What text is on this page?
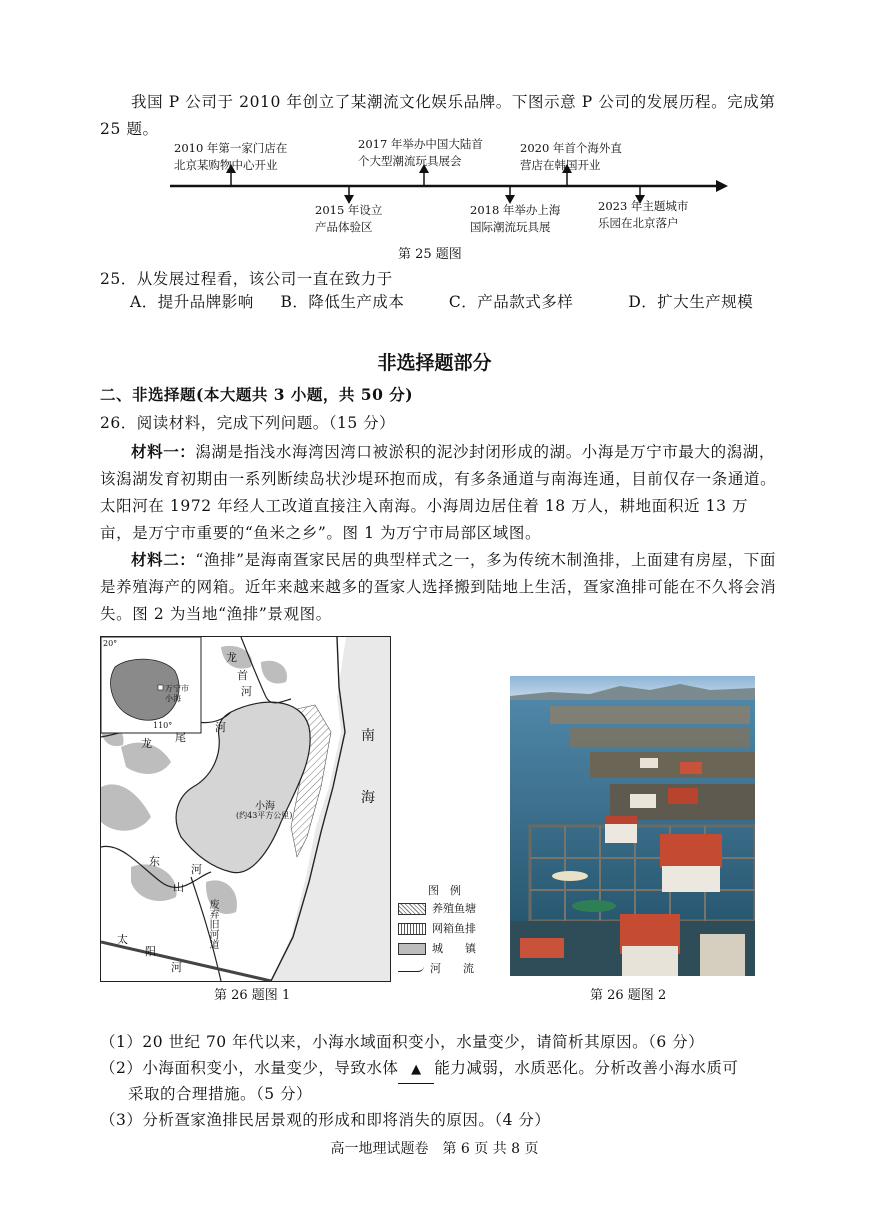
我国 P 公司于 2010 年创立了某潮流文化娱乐品牌。下图示意 P 公司的发展历程。完成第 25 题。

2010 年第一家门店在
北京某购物中心开业
2017 年举办中国大陆首
个大型潮流玩具展会
2020 年首个海外直
营店在韩国开业
2015 年设立
产品体验区
2018 年举办上海
国际潮流玩具展
2023 年主题城市
乐园在北京落户
第 25 题图
25．从发展过程看，该公司一直在致力于
A．提升品牌影响 B．降低生产成本	C．产品款式多样	D．扩大生产规模
非选择题部分
二、非选择题(本大题共 3 小题，共 50 分)
26．阅读材料，完成下列问题。（15 分）

材料一：潟湖是指浅水海湾因湾口被淤积的泥沙封闭形成的湖。小海是万宁市最大的潟湖，该潟湖发育初期由一系列断续岛状沙堤环抱而成，有多条通道与南海连通，目前仅存一条通道。太阳河在 1972 年经人工改道直接注入南海。小海周边居住着 18 万人，耕地面积近 13 万亩，是万宁市重要的“鱼米之乡”。图 1 为万宁市局部区域图。

材料二：“渔排”是海南疍家民居的典型样式之一，多为传统木制渔排，上面建有房屋，下面是养殖海产的网箱。近年来越来越多的疍家人选择搬到陆地上生活，疍家渔排可能在不久将会消失。图 2 为当地“渔排”景观图。

20°
110°
万宁市
小海
小海
(约43平方公里)
南
海
龙
首
河
龙 尾
河
东
山
河
太
阳
河
废弃旧河道
图　例
养殖鱼塘
网箱鱼排
城　　镇
河　　流
第 26 题图 1	第 26 题图 2
（1）20 世纪 70 年代以来，小海水域面积变小，水量变少，请简析其原因。（6 分）
（2）小海面积变小，水量变少，导致水体 ▲ 能力减弱，水质恶化。分析改善小海水质可
采取的合理措施。（5 分）
（3）分析疍家渔排民居景观的形成和即将消失的原因。（4 分）
高一地理试题卷　第 6 页 共 8 页
